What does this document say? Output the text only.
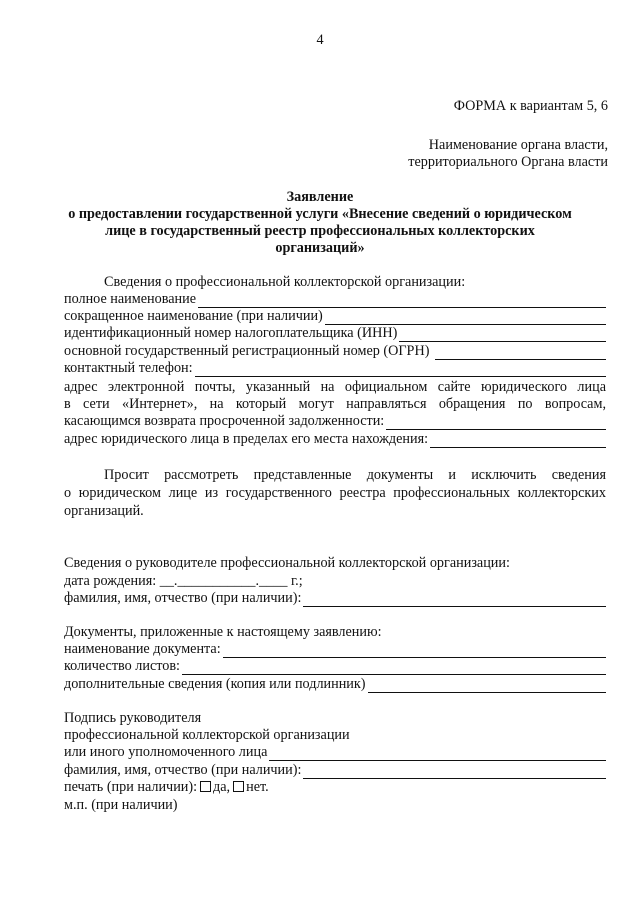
4
ФОРМА к вариантам 5, 6
Наименование органа власти,
территориального Органа власти
Заявление
о предоставлении государственной услуги «Внесение сведений о юридическом
лице в государственный реестр профессиональных коллекторских
организаций»
Сведения о профессиональной коллекторской организации:
полное наименование
сокращенное наименование (при наличии)
идентификационный номер налогоплательщика (ИНН)
основной государственный регистрационный номер (ОГРН)
контактный телефон:
адрес электронной почты, указанный на официальном сайте юридического лица
в сети «Интернет», на который могут направляться обращения по вопросам,
касающимся возврата просроченной задолженности:
адрес юридического лица в пределах его места нахождения:
Просит рассмотреть представленные документы и исключить сведения
о юридическом лице из государственного реестра профессиональных коллекторских
организаций.
Сведения о руководителе профессиональной коллекторской организации:
дата рождения: __.___________.____ г.;
фамилия, имя, отчество (при наличии):
Документы, приложенные к настоящему заявлению:
наименование документа:
количество листов:
дополнительные сведения (копия или подлинник)
Подпись руководителя
профессиональной коллекторской организации
или иного уполномоченного лица
фамилия, имя, отчество (при наличии):
печать (при наличии): да, нет.
м.п. (при наличии)
